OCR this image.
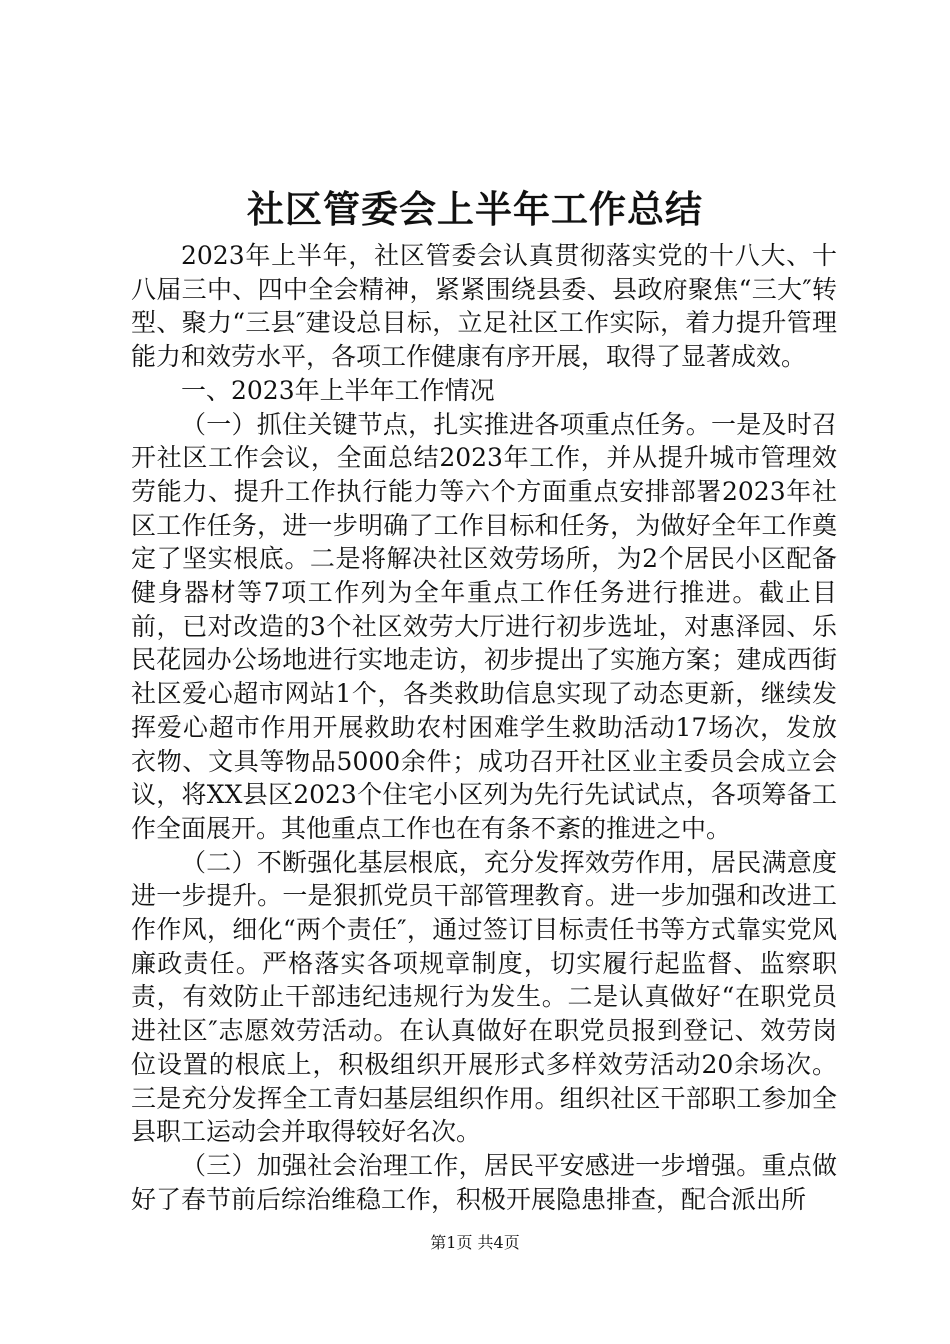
社区管委会上半年工作总结

2023年上半年，社区管委会认真贯彻落实党的十八大、十八届三中、四中全会精神，紧紧围绕县委、县政府聚焦“三大″转型、聚力“三县″建设总目标，立足社区工作实际，着力提升管理能力和效劳水平，各项工作健康有序开展，取得了显著成效。

一、2023年上半年工作情况

（一）抓住关键节点，扎实推进各项重点任务。一是及时召开社区工作会议，全面总结2023年工作，并从提升城市管理效劳能力、提升工作执行能力等六个方面重点安排部署2023年社区工作任务，进一步明确了工作目标和任务，为做好全年工作奠定了坚实根底。二是将解决社区效劳场所，为2个居民小区配备健身器材等7项工作列为全年重点工作任务进行推进。截止目前，已对改造的3个社区效劳大厅进行初步选址，对惠泽园、乐民花园办公场地进行实地走访，初步提出了实施方案；建成西街社区爱心超市网站1个，各类救助信息实现了动态更新，继续发挥爱心超市作用开展救助农村困难学生救助活动17场次，发放衣物、文具等物品5000余件；成功召开社区业主委员会成立会议，将XX县区2023个住宅小区列为先行先试试点，各项筹备工作全面展开。其他重点工作也在有条不紊的推进之中。

（二）不断强化基层根底，充分发挥效劳作用，居民满意度进一步提升。一是狠抓党员干部管理教育。进一步加强和改进工作作风，细化“两个责任″，通过签订目标责任书等方式靠实党风廉政责任。严格落实各项规章制度，切实履行起监督、监察职责，有效防止干部违纪违规行为发生。二是认真做好“在职党员进社区″志愿效劳活动。在认真做好在职党员报到登记、效劳岗位设置的根底上，积极组织开展形式多样效劳活动20余场次。三是充分发挥全工青妇基层组织作用。组织社区干部职工参加全县职工运动会并取得较好名次。

（三）加强社会治理工作，居民平安感进一步增强。重点做好了春节前后综治维稳工作，积极开展隐患排查，配合派出所

第1页 共4页
